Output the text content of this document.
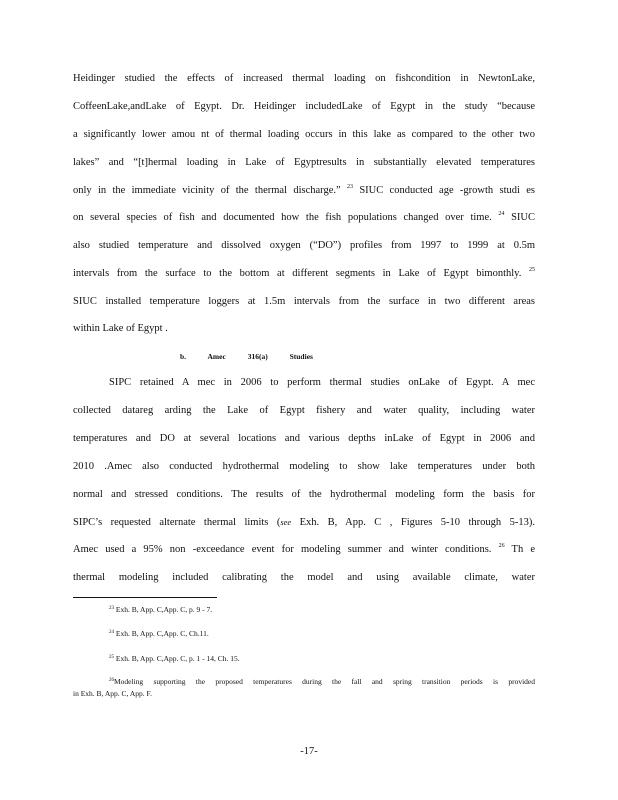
Heidinger studied the effects of increased thermal loading on fishcondition in NewtonLake,
CoffeenLake,andLake of Egypt. Dr. Heidinger includedLake of Egypt in the study “because
a significantly lower amou nt of thermal loading occurs in this lake as compared to the other two
lakes” and “[t]hermal loading in Lake of Egyptresults in substantially elevated temperatures
only in the immediate vicinity of the thermal discharge.” $^{23}$ SIUC conducted age -growth studi es
on several species of fish and documented how the fish populations changed over time. $^{24}$ SIUC
also studied temperature and dissolved oxygen (“DO”) profiles from 1997 to 1999 at 0.5m
intervals from the surface to the bottom at different segments in Lake of Egypt bimonthly. $^{25}$
SIUC installed temperature loggers at 1.5m intervals from the surface in two different areas
within Lake of Egypt .
b.	Amec	316(a)	Studies
SIPC retained A mec in 2006 to perform thermal studies onLake of Egypt. A mec
collected datareg arding the Lake of Egypt fishery and water quality, including water
temperatures and DO at several locations and various depths inLake of Egypt in 2006 and
2010 .Amec also conducted hydrothermal modeling to show lake temperatures under both
normal and stressed conditions. The results of the hydrothermal modeling form the basis for
SIPC’s requested alternate thermal limits (see Exh. B, App. C , Figures 5-10 through 5-13).
Amec used a 95% non -exceedance event for modeling summer and winter conditions. $^{26}$ Th e
thermal modeling included calibrating the model and using available climate, water
$^{23}$ Exh. B, App. C,App. C, p. 9 - 7.
$^{24}$ Exh. B, App. C,App. C, Ch.11.
$^{25}$ Exh. B, App. C,App. C, p. 1 - 14, Ch. 15.
$^{26}$Modeling supporting the proposed temperatures during the fall and spring transition periods is provided
in Exh. B, App. C, App. F.
-17-
